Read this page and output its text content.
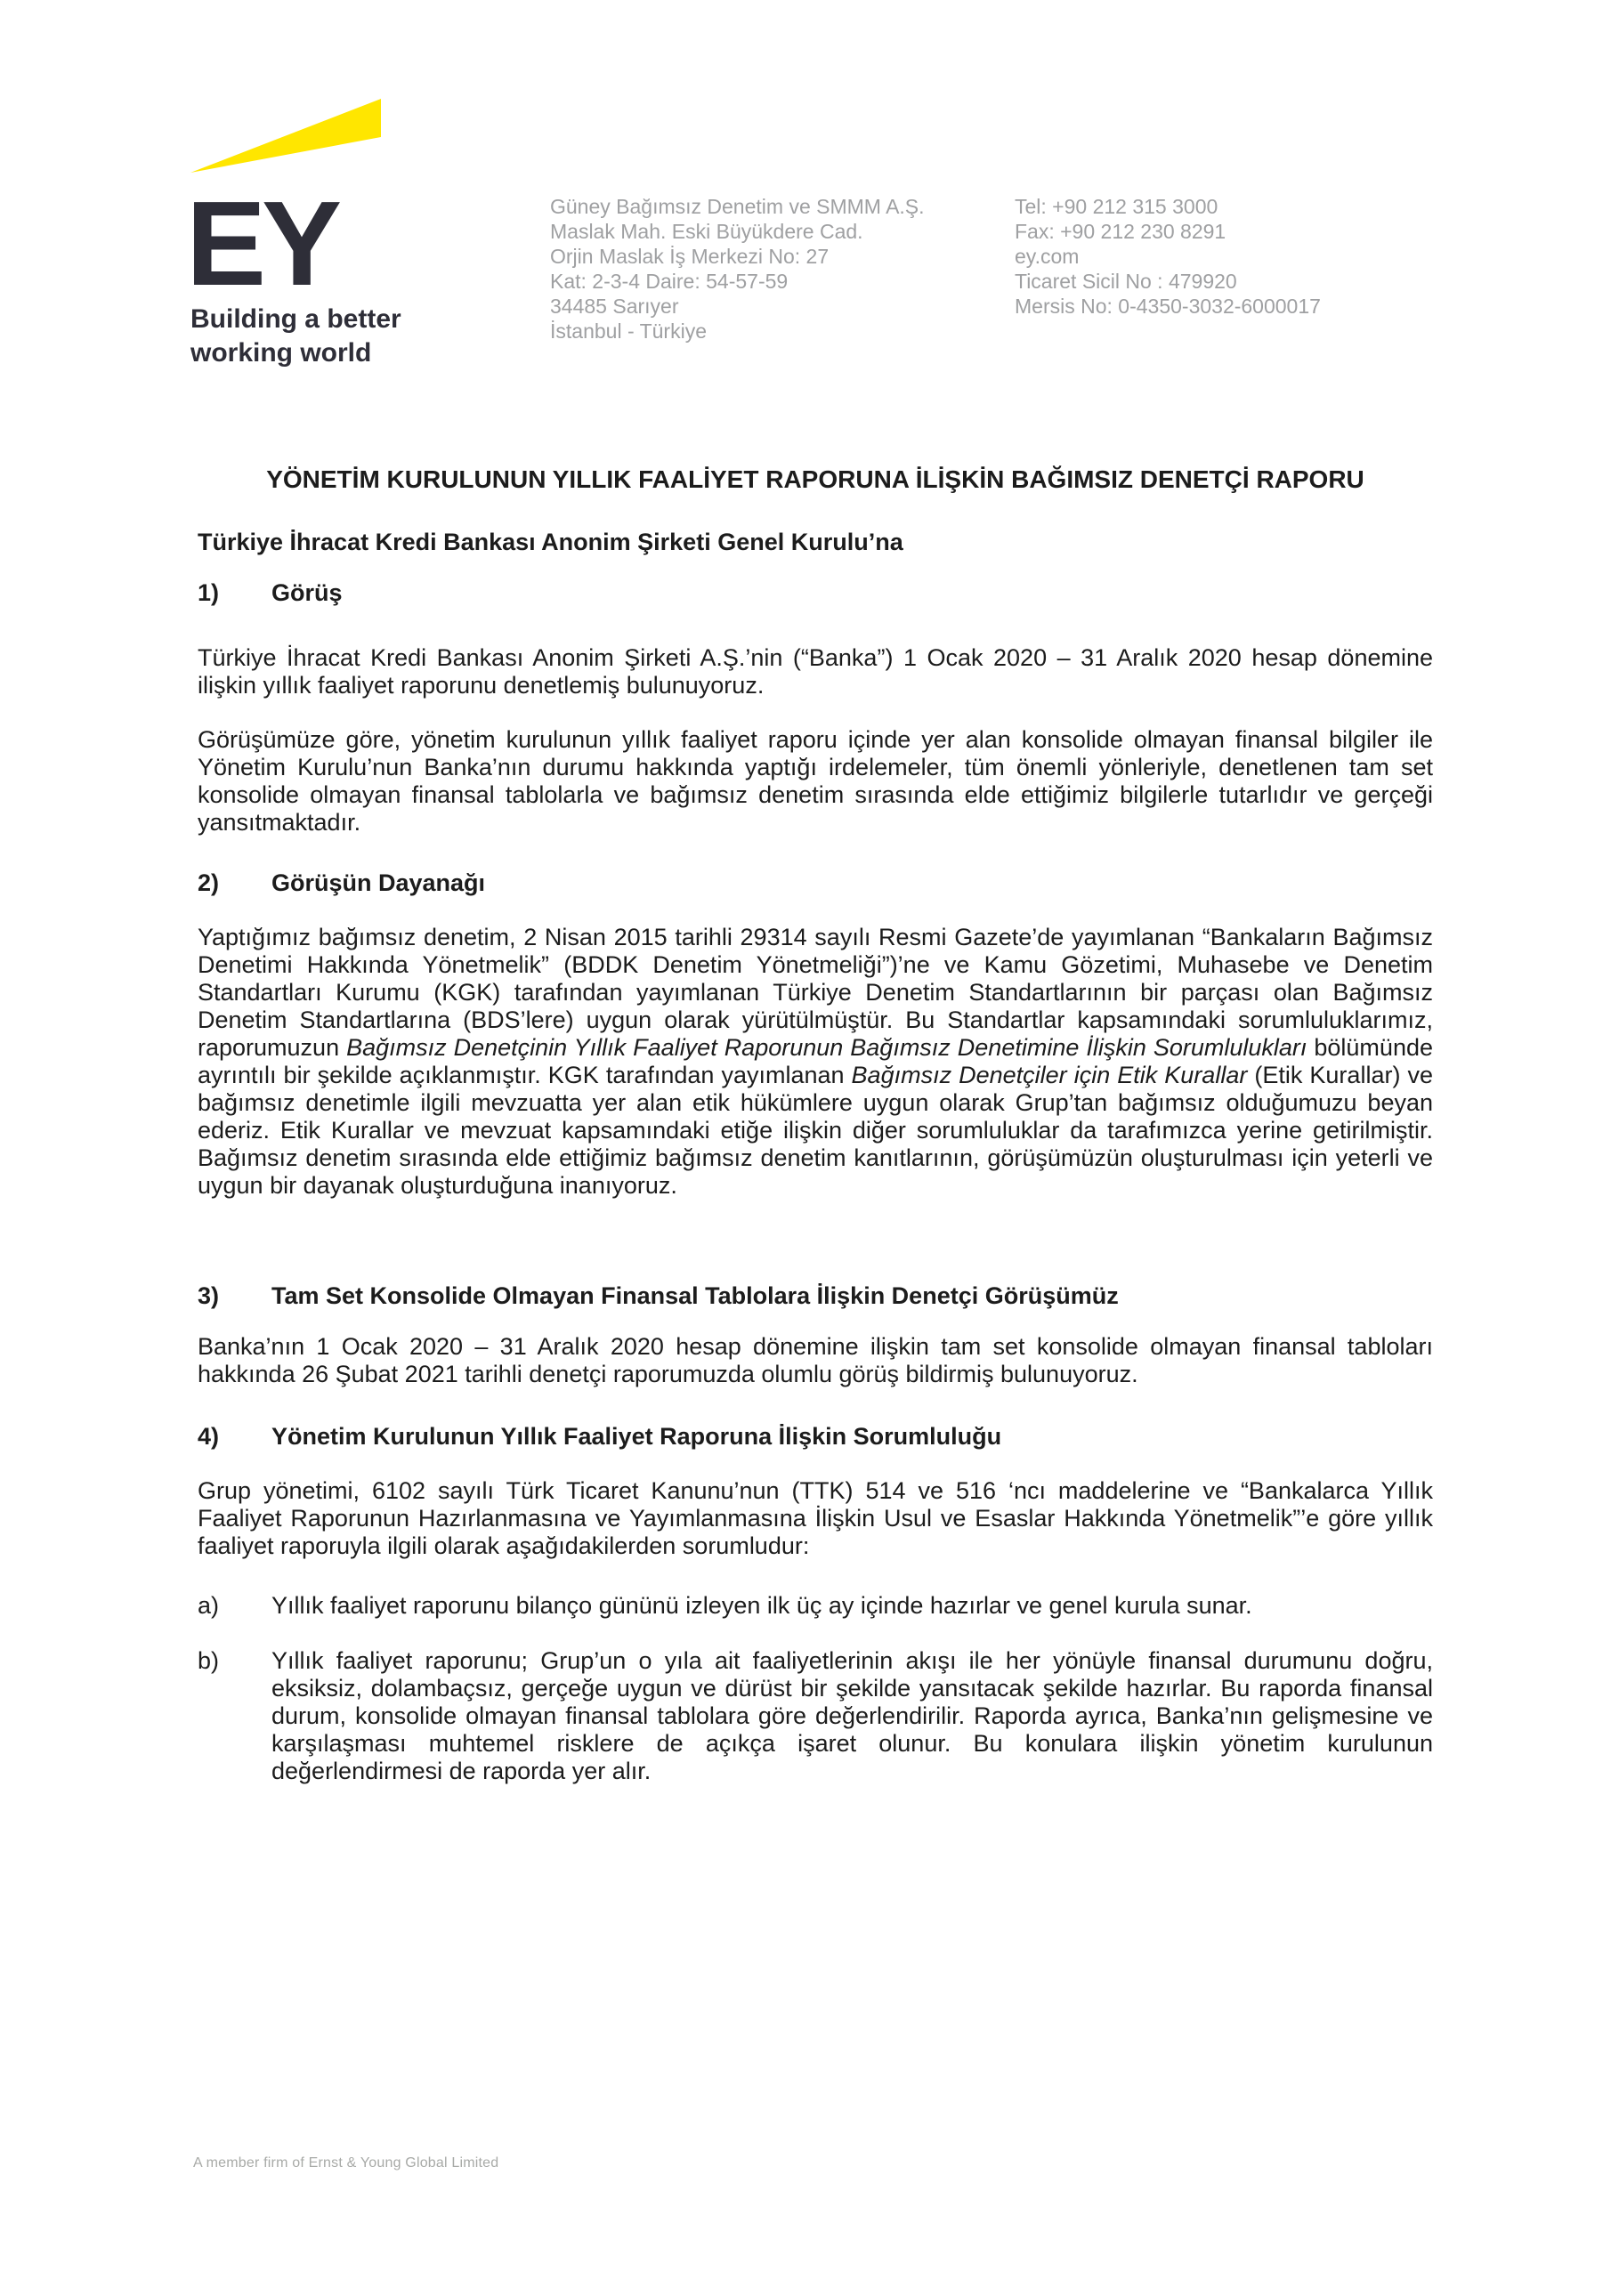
EY
Building a better
working world
Güney Bağımsız Denetim ve SMMM A.Ş.
Maslak Mah. Eski Büyükdere Cad.
Orjin Maslak İş Merkezi No: 27
Kat: 2-3-4 Daire: 54-57-59
34485 Sarıyer
İstanbul - Türkiye
Tel: +90 212 315 3000
Fax: +90 212 230 8291
ey.com
Ticaret Sicil No : 479920
Mersis No: 0-4350-3032-6000017
YÖNETİM KURULUNUN YILLIK FAALİYET RAPORUNA İLİŞKİN BAĞIMSIZ DENETÇİ RAPORU
Türkiye İhracat Kredi Bankası Anonim Şirketi Genel Kurulu’na
1)	Görüş

Türkiye İhracat Kredi Bankası Anonim Şirketi A.Ş.’nin (“Banka”) 1 Ocak 2020 – 31 Aralık 2020 hesap dönemine ilişkin yıllık faaliyet raporunu denetlemiş bulunuyoruz.

Görüşümüze göre, yönetim kurulunun yıllık faaliyet raporu içinde yer alan konsolide olmayan finansal bilgiler ile Yönetim Kurulu’nun Banka’nın durumu hakkında yaptığı irdelemeler, tüm önemli yönleriyle, denetlenen tam set konsolide olmayan finansal tablolarla ve bağımsız denetim sırasında elde ettiğimiz bilgilerle tutarlıdır ve gerçeği yansıtmaktadır.

2)	Görüşün Dayanağı

Yaptığımız bağımsız denetim, 2 Nisan 2015 tarihli 29314 sayılı Resmi Gazete’de yayımlanan “Bankaların Bağımsız Denetimi Hakkında Yönetmelik” (BDDK Denetim Yönetmeliği”)’ne ve Kamu Gözetimi, Muhasebe ve Denetim Standartları Kurumu (KGK) tarafından yayımlanan Türkiye Denetim Standartlarının bir parçası olan Bağımsız Denetim Standartlarına (BDS’lere) uygun olarak yürütülmüştür. Bu Standartlar kapsamındaki sorumluluklarımız, raporumuzun Bağımsız Denetçinin Yıllık Faaliyet Raporunun Bağımsız Denetimine İlişkin Sorumlulukları bölümünde ayrıntılı bir şekilde açıklanmıştır. KGK tarafından yayımlanan Bağımsız Denetçiler için Etik Kurallar (Etik Kurallar) ve bağımsız denetimle ilgili mevzuatta yer alan etik hükümlere uygun olarak Grup’tan bağımsız olduğumuzu beyan ederiz. Etik Kurallar ve mevzuat kapsamındaki etiğe ilişkin diğer sorumluluklar da tarafımızca yerine getirilmiştir. Bağımsız denetim sırasında elde ettiğimiz bağımsız denetim kanıtlarının, görüşümüzün oluşturulması için yeterli ve uygun bir dayanak oluşturduğuna inanıyoruz.

3)	Tam Set Konsolide Olmayan Finansal Tablolara İlişkin Denetçi Görüşümüz

Banka’nın 1 Ocak 2020 – 31 Aralık 2020 hesap dönemine ilişkin tam set konsolide olmayan finansal tabloları hakkında 26 Şubat 2021 tarihli denetçi raporumuzda olumlu görüş bildirmiş bulunuyoruz.

4)	Yönetim Kurulunun Yıllık Faaliyet Raporuna İlişkin Sorumluluğu

Grup yönetimi, 6102 sayılı Türk Ticaret Kanunu’nun (TTK) 514 ve 516 ‘ncı maddelerine ve “Bankalarca Yıllık Faaliyet Raporunun Hazırlanmasına ve Yayımlanmasına İlişkin Usul ve Esaslar Hakkında Yönetmelik”’e göre yıllık faaliyet raporuyla ilgili olarak aşağıdakilerden sorumludur:

a)	Yıllık faaliyet raporunu bilanço gününü izleyen ilk üç ay içinde hazırlar ve genel kurula sunar.
b)	Yıllık faaliyet raporunu; Grup’un o yıla ait faaliyetlerinin akışı ile her yönüyle finansal durumunu doğru, eksiksiz, dolambaçsız, gerçeğe uygun ve dürüst bir şekilde yansıtacak şekilde hazırlar. Bu raporda finansal durum, konsolide olmayan finansal tablolara göre değerlendirilir. Raporda ayrıca, Banka’nın gelişmesine ve karşılaşması muhtemel risklere de açıkça işaret olunur. Bu konulara ilişkin yönetim kurulunun değerlendirmesi de raporda yer alır.
A member firm of Ernst & Young Global Limited
